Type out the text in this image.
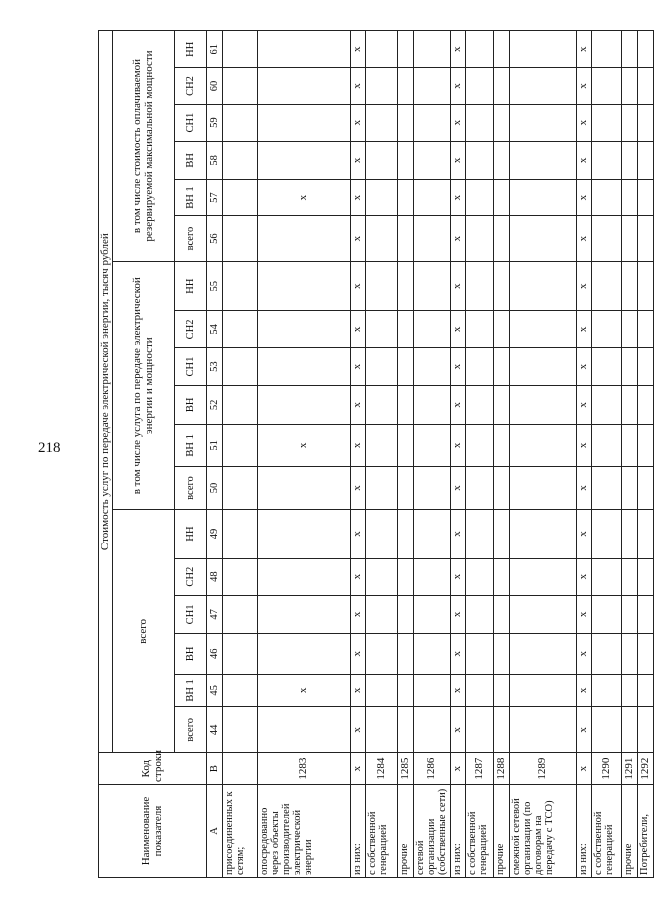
218
Наименование показателя	Код строки	Стоимость услуг по передаче электрической энергии, тысяч рублей																	
		всего						в том числе услуга по передаче электрической энергии и мощности						в том числе стоимость оплачиваемой резервируемой максимальной мощности					
		всего	ВН 1	ВН	СН1	СН2	НН	всего	ВН 1	ВН	СН1	СН2	НН	всего	ВН 1	ВН	СН1	СН2	НН
А	В	44	45	46	47	48	49	50	51	52	53	54	55	56	57	58	59	60	61
присоединенных к сетям;																			
опосредованно через объекты производителей электрической энергии	1283		x						x						x				
из них:	x	x	x	x	x	x	x	x	x	x	x	x	x	x	x	x	x	x	x
с собственной генерацией	1284																		
прочие	1285																		
сетевой организации (собственные сети)	1286																		
из них:	x	x	x	x	x	x	x	x	x	x	x	x	x	x	x	x	x	x	x
с собственной генерацией	1287																		
прочие	1288																		
смежной сетевой организации (по договорам на передачу с ТСО)	1289																		
из них:	x	x	x	x	x	x	x	x	x	x	x	x	x	x	x	x	x	x	x
с собственной генерацией	1290																		
прочие	1291																		
Потребители,	1292																		
